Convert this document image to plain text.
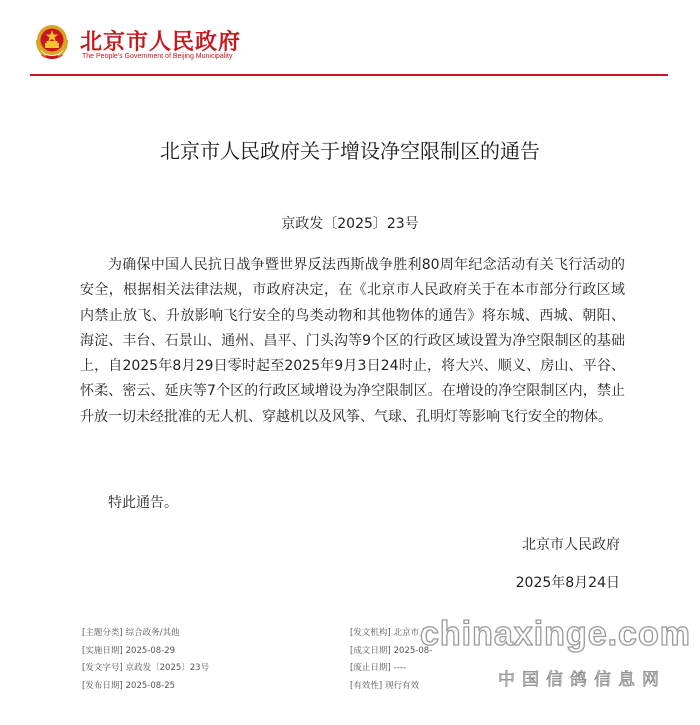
北京市人民政府
The People's Government of Beijing Municipality
北京市人民政府关于增设净空限制区的通告
京政发〔2025〕23号
为确保中国人民抗日战争暨世界反法西斯战争胜利80周年纪念活动有关飞行活动的安全，根据相关法律法规，市政府决定，在《北京市人民政府关于在本市部分行政区域内禁止放飞、升放影响飞行安全的鸟类动物和其他物体的通告》将东城、西城、朝阳、海淀、丰台、石景山、通州、昌平、门头沟等9个区的行政区域设置为净空限制区的基础上，自2025年8月29日零时起至2025年9月3日24时止，将大兴、顺义、房山、平谷、怀柔、密云、延庆等7个区的行政区域增设为净空限制区。在增设的净空限制区内，禁止升放一切未经批准的无人机、穿越机以及风筝、气球、孔明灯等影响飞行安全的物体。
特此通告。
北京市人民政府
2025年8月24日
[主题分类] 综合政务/其他
[实施日期] 2025-08-29
[发文字号] 京政发〔2025〕23号
[发布日期] 2025-08-25
[发文机构] 北京市人
[成文日期] 2025-08-
[废止日期] ----
[有效性] 现行有效
chinaxinge.com
中国信鸽信息网
